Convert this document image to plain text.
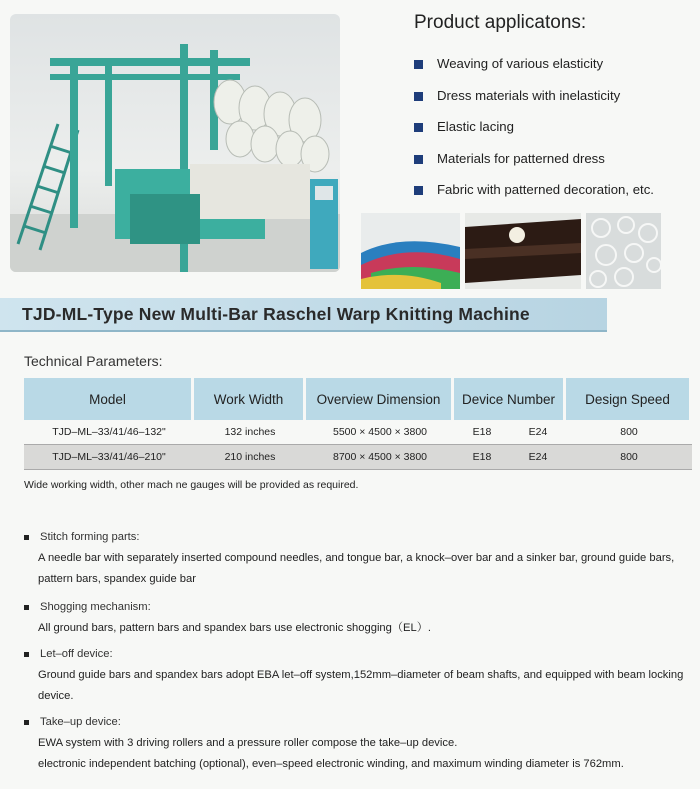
Product applicatons:
Weaving of various elasticity
Dress materials with inelasticity
Elastic lacing
Materials for patterned dress
Fabric with patterned decoration, etc.
TJD-ML-Type New Multi-Bar Raschel Warp Knitting Machine
Technical Parameters:
Model	Work Width	Overview Dimension	Device Number		Design Speed
TJD–ML–33/41/46–132"	132 inches	5500 × 4500 × 3800	E18	E24	800
TJD–ML–33/41/46–210"	210 inches	8700 × 4500 × 3800	E18	E24	800
Wide working width, other mach ne gauges will be provided as required.
Stitch forming parts:
A needle bar with separately inserted compound needles, and tongue bar, a knock–over bar and a sinker bar, ground guide bars, pattern bars, spandex guide bar
Shogging mechanism:
All ground bars, pattern bars and spandex bars use electronic shogging（EL）.
Let–off device:
Ground guide bars and spandex bars adopt EBA let–off system,152mm–diameter of beam shafts, and equipped with beam locking device.
Take–up device:
EWA system with 3 driving rollers and a pressure roller compose the take–up device.
electronic independent batching (optional), even–speed electronic winding, and maximum winding diameter is 762mm.
